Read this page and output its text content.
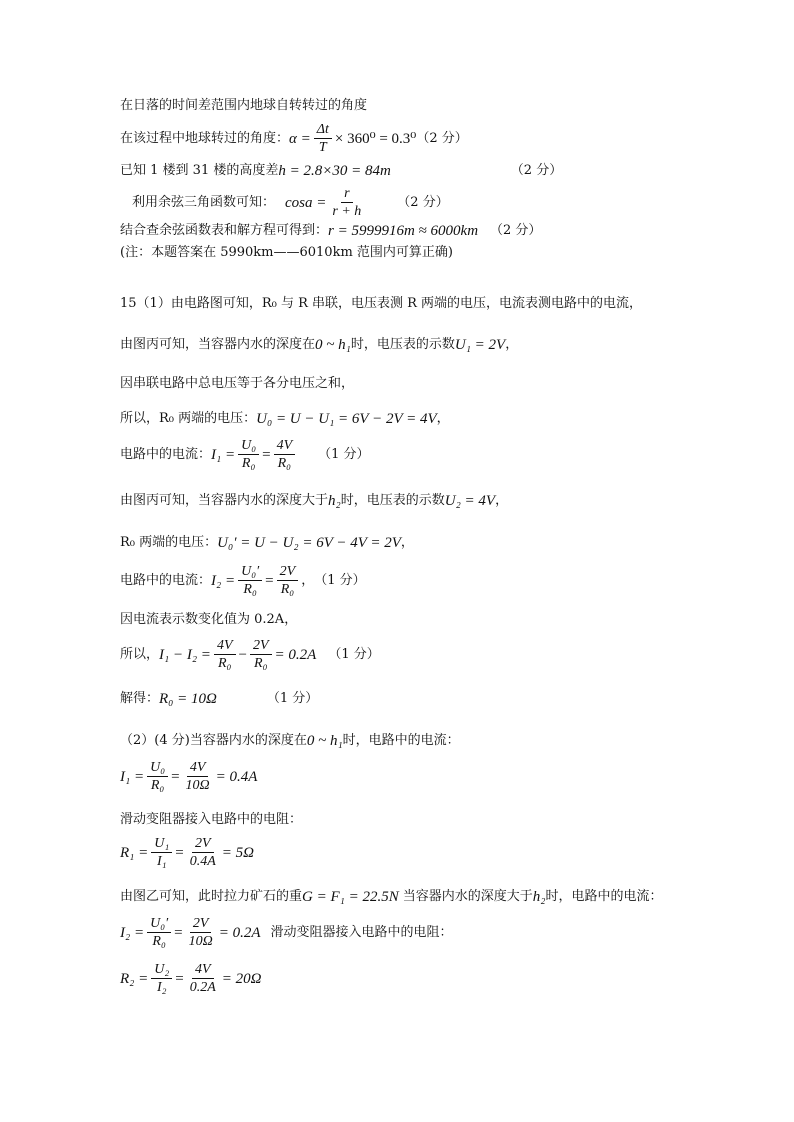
在日落的时间差范围内地球自转转过的角度
在该过程中地球转过的角度： $\alpha = \frac{\Delta t}{T} \times 360^0 = 0.3^0$ （2 分）
已知 1 楼到 31 楼的高度差 h = 2.8×30 = 84m	（2 分）
利用余弦三角函数可知： $\cos a = \frac{r}{r + h}$	（2 分）
结合查余弦函数表和解方程可得到： r = 5999916m ≈ 6000km （2 分）
(注：本题答案在 5990km——6010km 范围内可算正确)
15（1）由电路图可知，R₀ 与 R 串联，电压表测 R 两端的电压，电流表测电路中的电流，
由图丙可知，当容器内水的深度在 0 ~ h₁ 时，电压表的示数 U₁ = 2V ，
因串联电路中总电压等于各分电压之和，
所以，R₀ 两端的电压： U₀ = U − U₁ = 6V − 2V = 4V ，
电路中的电流： $I_1 = \frac{\text{U₀}}{\text{R₀}} = \frac{4V}{\text{R₀}} (1$ 分）
由图丙可知，当容器内水的深度大于 h₂ 时，电压表的示数 U₂ = 4V ，
R₀ 两端的电压： U₀′ = U − U₂ = 6V − 4V = 2V ，
电路中的电流： $I_2 = \frac{\text{U₀′}}{\text{R₀}} = \frac{2V}{\text{R₀}}$ ，　（1 分）
因电流表示数变化值为 0.2A，
所以， $I_1 - I_2 = \frac{4V}{\text{R₀}} - \frac{2V}{\text{R₀}} = 0.2A$ （1 分）
解得： R₀ = 10Ω	（1 分）
（2）(4 分)当容器内水的深度在 0 ~ h₁ 时，电路中的电流：
$I_1 = \frac{\text{U₀}}{\text{R₀}} = \frac{4V}{10\Omega} = 0.4A$
滑动变阻器接入电路中的电阻：
$R_1 = \frac{\text{U₁}}{\text{I₁}} = \frac{2V}{0.4A} = 5\Omega$
由图乙可知，此时拉力矿石的重 G = F₁ = 22.5N 当容器内水的深度大于 h₂ 时，电路中的电流：
$I_2 = \frac{\text{U₀′}}{\text{R₀}} = \frac{2V}{10\Omega} = 0.2A$ 滑动变阻器接入电路中的电阻：
$R_2 = \frac{\text{U₂}}{\text{I₂}} = \frac{4V}{0.2A} = 20\Omega$
